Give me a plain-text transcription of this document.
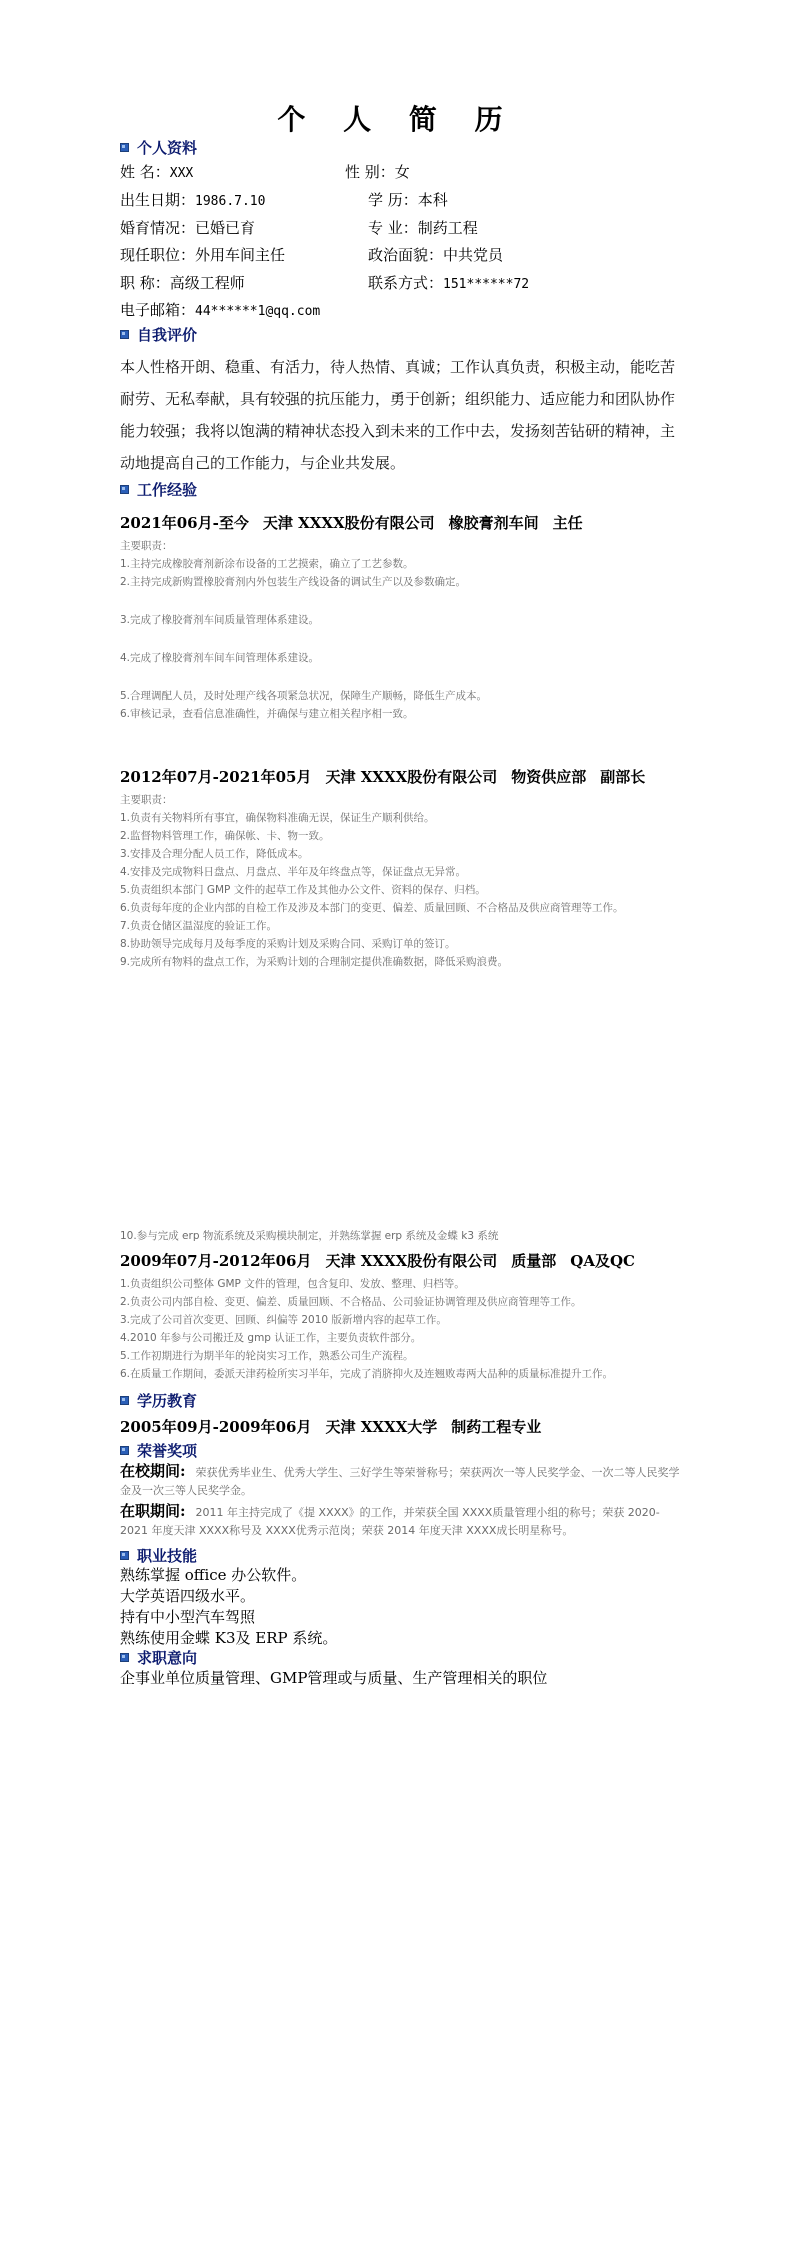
个 人 简 历
个人资料
姓 名：XXX	性 别：女
出生日期：1986.7.10	学 历：本科
婚育情况：已婚已育	专 业：制药工程
现任职位：外用车间主任	政治面貌：中共党员
职 称：高级工程师	联系方式：151******72
电子邮箱：44******1@qq.com
自我评价
本人性格开朗、稳重、有活力，待人热情、真诚；工作认真负责，积极主动，能吃苦耐劳、无私奉献，具有较强的抗压能力，勇于创新；组织能力、适应能力和团队协作能力较强；我将以饱满的精神状态投入到未来的工作中去，发扬刻苦钻研的精神，主动地提高自己的工作能力，与企业共发展。
工作经验
2021年06月-至今 天津 XXXX股份有限公司 橡胶膏剂车间 主任
主要职责：
1.主持完成橡胶膏剂新涂布设备的工艺摸索，确立了工艺参数。
2.主持完成新购置橡胶膏剂内外包装生产线设备的调试生产以及参数确定。
3.完成了橡胶膏剂车间质量管理体系建设。
4.完成了橡胶膏剂车间车间管理体系建设。
5.合理调配人员，及时处理产线各项紧急状况，保障生产顺畅，降低生产成本。
6.审核记录，查看信息准确性，并确保与建立相关程序相一致。
2012年07月-2021年05月 天津 XXXX股份有限公司 物资供应部 副部长
主要职责：
1.负责有关物料所有事宜，确保物料准确无误，保证生产顺利供给。
2.监督物料管理工作，确保帐、卡、物一致。
3.安排及合理分配人员工作，降低成本。
4.安排及完成物料日盘点、月盘点、半年及年终盘点等，保证盘点无异常。
5.负责组织本部门 GMP 文件的起草工作及其他办公文件、资料的保存、归档。
6.负责每年度的企业内部的自检工作及涉及本部门的变更、偏差、质量回顾、不合格品及供应商管理等工作。
7.负责仓储区温湿度的验证工作。
8.协助领导完成每月及每季度的采购计划及采购合同、采购订单的签订。
9.完成所有物料的盘点工作，为采购计划的合理制定提供准确数据，降低采购浪费。
10.参与完成 erp 物流系统及采购模块制定，并熟练掌握 erp 系统及金蝶 k3 系统
2009年07月-2012年06月 天津 XXXX股份有限公司 质量部 QA及QC
1.负责组织公司整体 GMP 文件的管理，包含复印、发放、整理、归档等。
2.负责公司内部自检、变更、偏差、质量回顾、不合格品、公司验证协调管理及供应商管理等工作。
3.完成了公司首次变更、回顾、纠偏等 2010 版新增内容的起草工作。
4.2010 年参与公司搬迁及 gmp 认证工作，主要负责软件部分。
5.工作初期进行为期半年的轮岗实习工作，熟悉公司生产流程。
6.在质量工作期间，委派天津药检所实习半年，完成了消脐抑火及连翘败毒两大品种的质量标准提升工作。
学历教育
2005年09月-2009年06月 天津 XXXX大学 制药工程专业
荣誉奖项
在校期间: 荣获优秀毕业生、优秀大学生、三好学生等荣誉称号；荣获两次一等人民奖学金、一次二等人民奖学金及一次三等人民奖学金。
在职期间: 2011 年主持完成了《提 XXXX》的工作，并荣获全国 XXXX质量管理小组的称号；荣获 2020-2021 年度天津 XXXX称号及 XXXX优秀示范岗；荣获 2014 年度天津 XXXX成长明星称号。
职业技能
熟练掌握 office 办公软件。
大学英语四级水平。
持有中小型汽车驾照
熟练使用金蝶 K3及 ERP 系统。
求职意向
企事业单位质量管理、GMP管理或与质量、生产管理相关的职位
